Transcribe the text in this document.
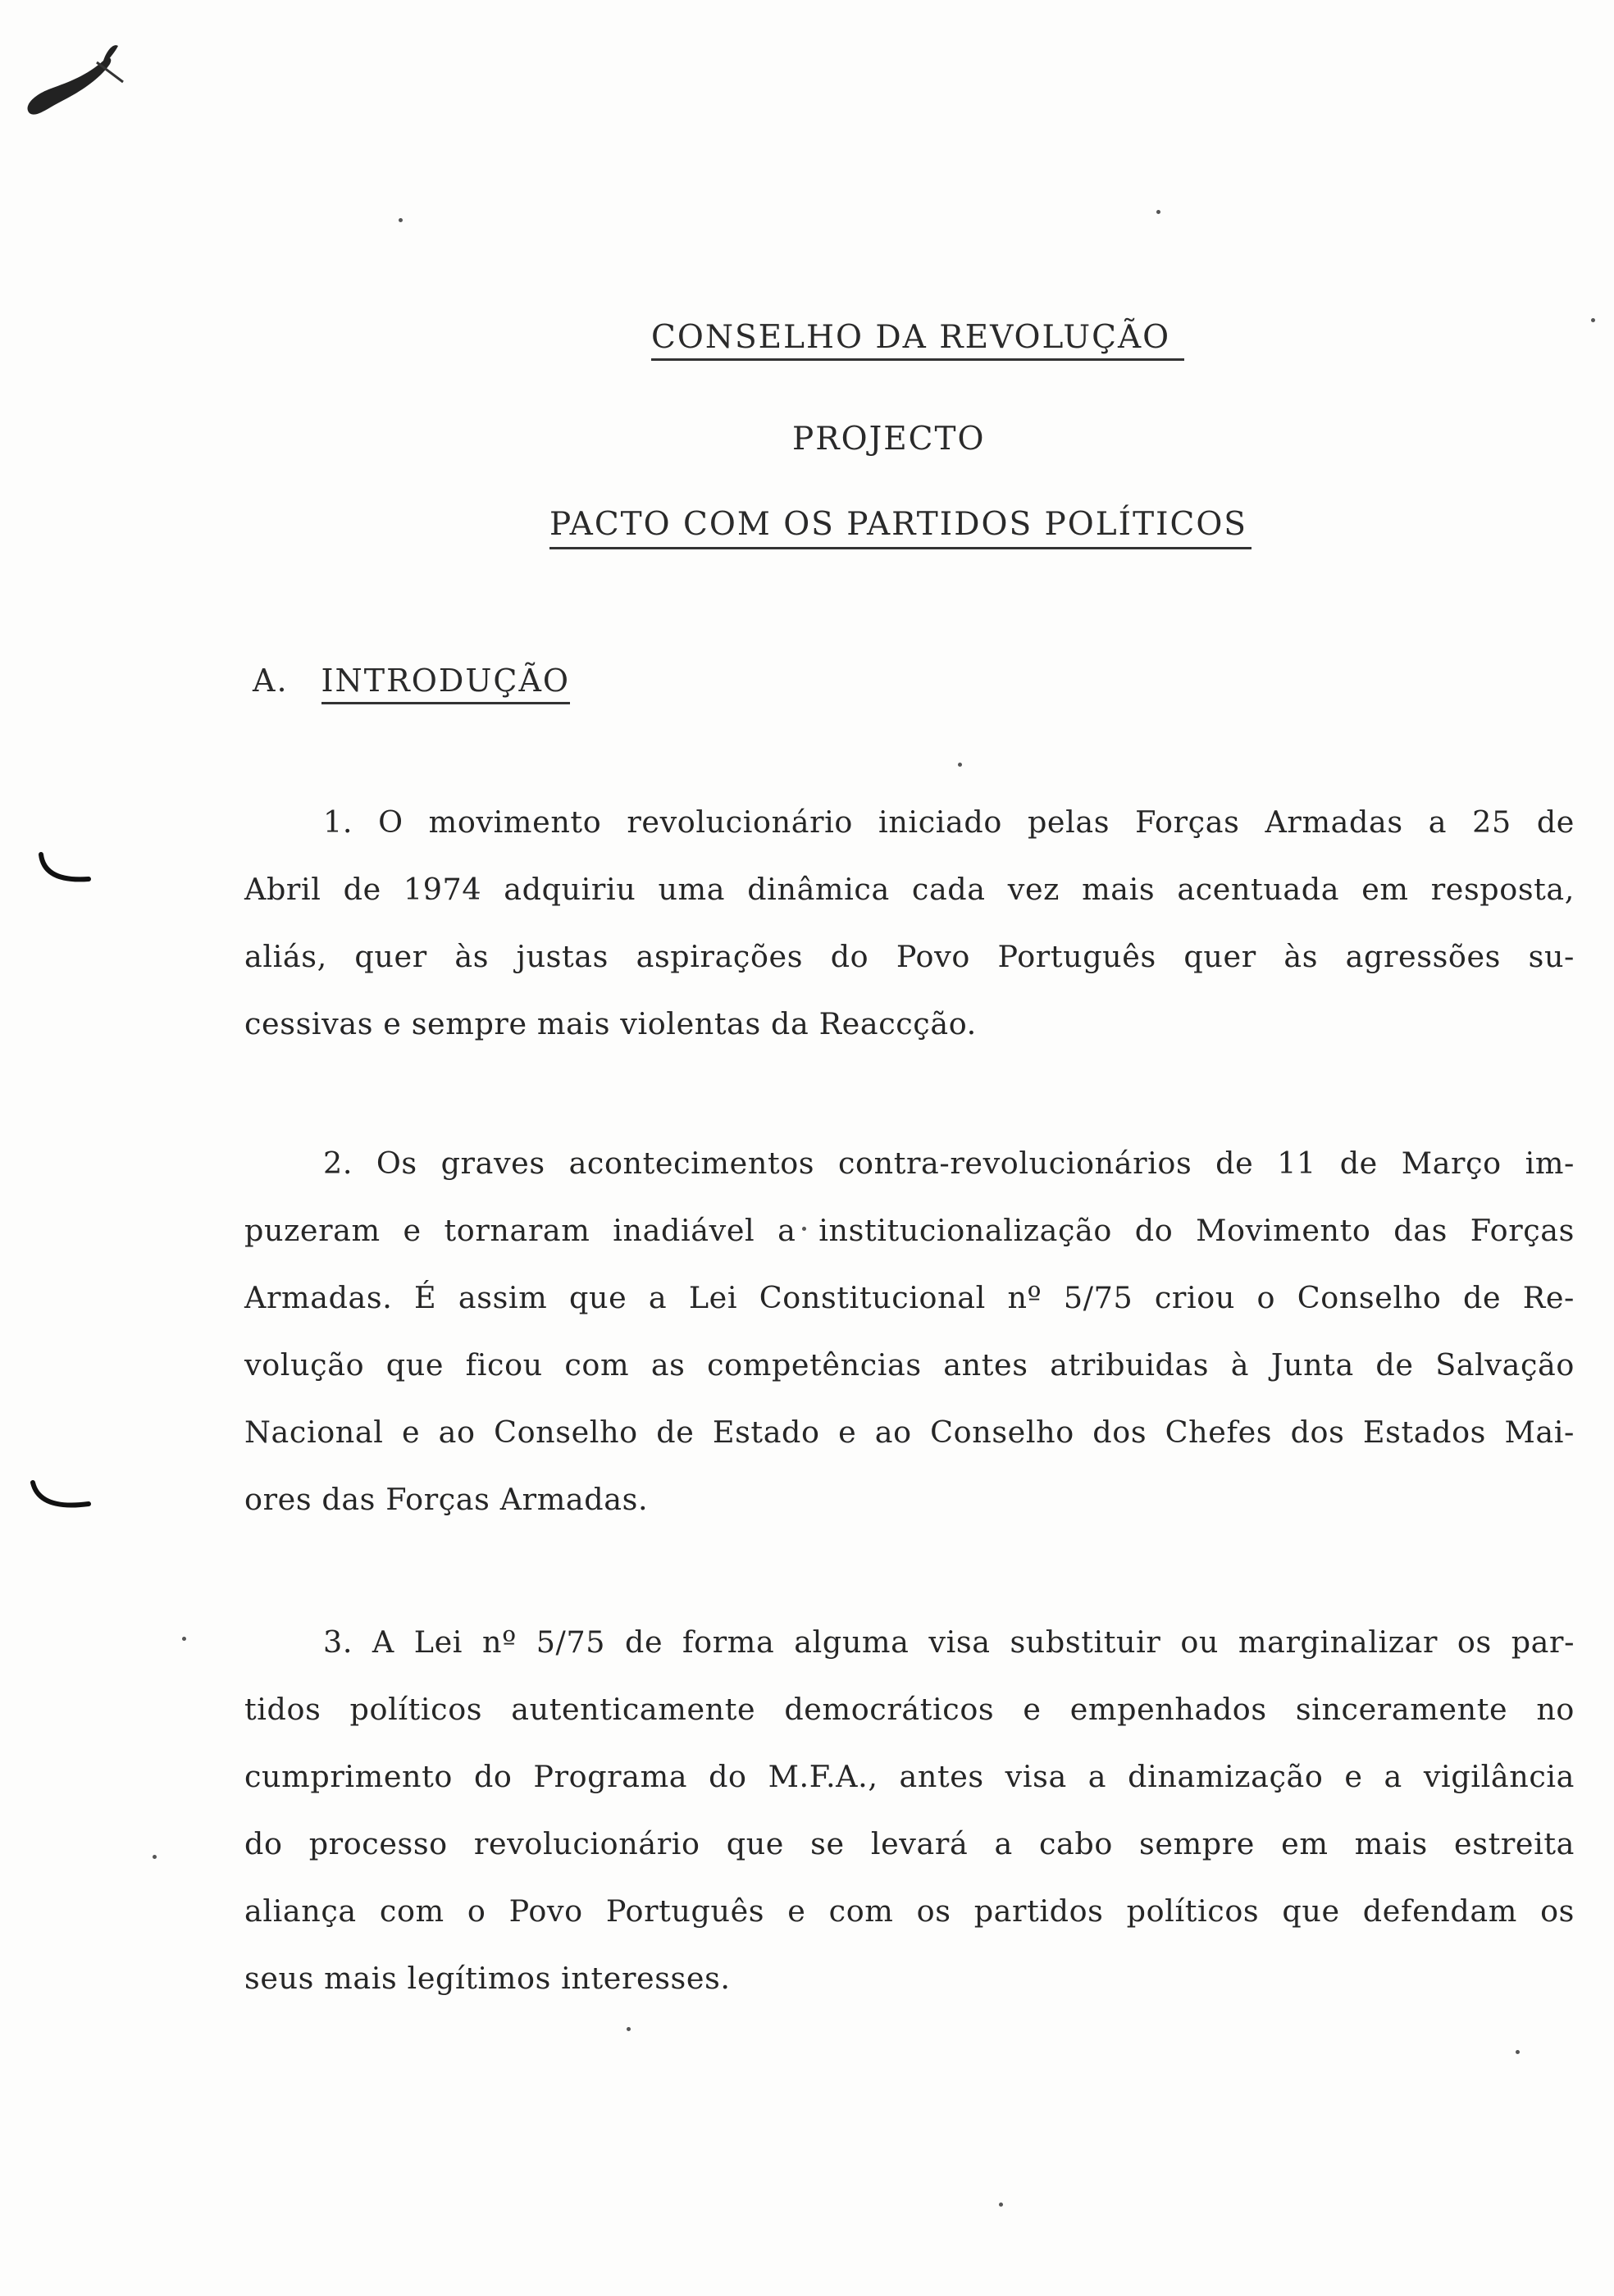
CONSELHO DA REVOLUÇÃO
PROJECTO
PACTO COM OS PARTIDOS POLÍTICOS
A. INTRODUÇÃO
1. O movimento revolucionário iniciado pelas Forças Armadas a 25 de
Abril de 1974 adquiriu uma dinâmica cada vez mais acentuada em resposta,
aliás, quer às justas aspirações do Povo Português quer às agressões su-
cessivas e sempre mais violentas da Reaccção.
2. Os graves acontecimentos contra-revolucionários de 11 de Março im-
puzeram e tornaram inadiável a institucionalização do Movimento das Forças
Armadas. É assim que a Lei Constitucional nº 5/75 criou o Conselho de Re-
volução que ficou com as competências antes atribuidas à Junta de Salvação
Nacional e ao Conselho de Estado e ao Conselho dos Chefes dos Estados Mai-
ores das Forças Armadas.
3. A Lei nº 5/75 de forma alguma visa substituir ou marginalizar os par-
tidos políticos autenticamente democráticos e empenhados sinceramente no
cumprimento do Programa do M.F.A., antes visa a dinamização e a vigilância
do processo revolucionário que se levará a cabo sempre em mais estreita
aliança com o Povo Português e com os partidos políticos que defendam os
seus mais legítimos interesses.
